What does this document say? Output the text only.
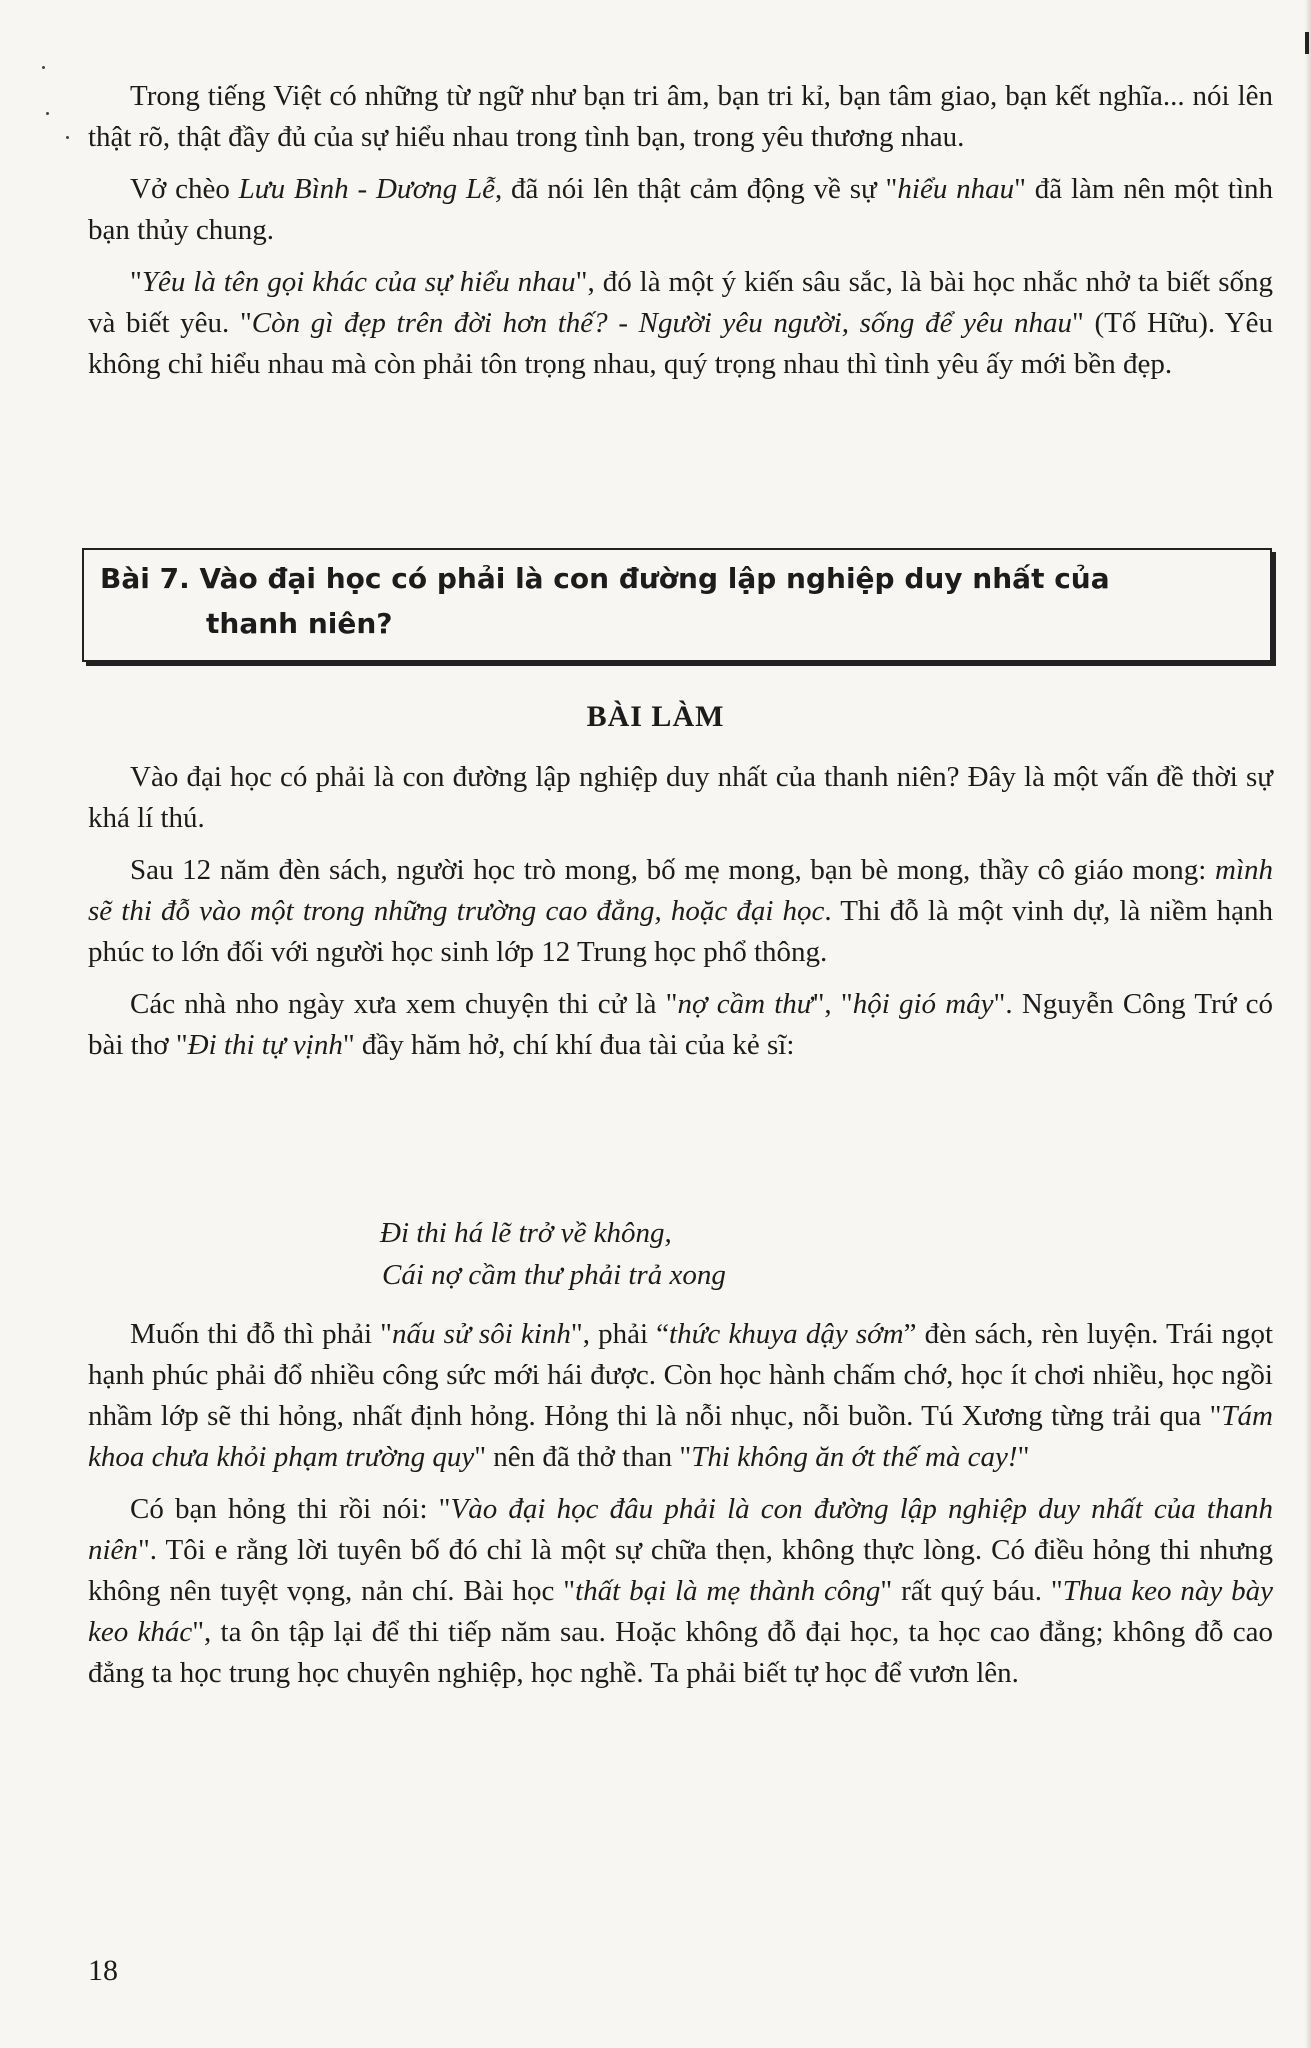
Trong tiếng Việt có những từ ngữ như bạn tri âm, bạn tri kỉ, bạn tâm giao, bạn kết nghĩa... nói lên thật rõ, thật đầy đủ của sự hiểu nhau trong tình bạn, trong yêu thương nhau.

Vở chèo Lưu Bình - Dương Lễ, đã nói lên thật cảm động về sự "hiểu nhau" đã làm nên một tình bạn thủy chung.

"Yêu là tên gọi khác của sự hiểu nhau", đó là một ý kiến sâu sắc, là bài học nhắc nhở ta biết sống và biết yêu. "Còn gì đẹp trên đời hơn thế? - Người yêu người, sống để yêu nhau" (Tố Hữu). Yêu không chỉ hiểu nhau mà còn phải tôn trọng nhau, quý trọng nhau thì tình yêu ấy mới bền đẹp.

Bài 7. Vào đại học có phải là con đường lập nghiệp duy nhất của
thanh niên?
BÀI LÀM

Vào đại học có phải là con đường lập nghiệp duy nhất của thanh niên? Đây là một vấn đề thời sự khá lí thú.

Sau 12 năm đèn sách, người học trò mong, bố mẹ mong, bạn bè mong, thầy cô giáo mong: mình sẽ thi đỗ vào một trong những trường cao đẳng, hoặc đại học. Thi đỗ là một vinh dự, là niềm hạnh phúc to lớn đối với người học sinh lớp 12 Trung học phổ thông.

Các nhà nho ngày xưa xem chuyện thi cử là "nợ cầm thư", "hội gió mây". Nguyễn Công Trứ có bài thơ "Đi thi tự vịnh" đầy hăm hở, chí khí đua tài của kẻ sĩ:

Đi thi há lẽ trở về không,
Cái nợ cầm thư phải trả xong

Muốn thi đỗ thì phải "nấu sử sôi kinh", phải “thức khuya dậy sớm” đèn sách, rèn luyện. Trái ngọt hạnh phúc phải đổ nhiều công sức mới hái được. Còn học hành chấm chớ, học ít chơi nhiều, học ngồi nhầm lớp sẽ thi hỏng, nhất định hỏng. Hỏng thi là nỗi nhục, nỗi buồn. Tú Xương từng trải qua "Tám khoa chưa khỏi phạm trường quy" nên đã thở than "Thi không ăn ớt thế mà cay!"

Có bạn hỏng thi rồi nói: "Vào đại học đâu phải là con đường lập nghiệp duy nhất của thanh niên". Tôi e rằng lời tuyên bố đó chỉ là một sự chữa thẹn, không thực lòng. Có điều hỏng thi nhưng không nên tuyệt vọng, nản chí. Bài học "thất bại là mẹ thành công" rất quý báu. "Thua keo này bày keo khác", ta ôn tập lại để thi tiếp năm sau. Hoặc không đỗ đại học, ta học cao đẳng; không đỗ cao đẳng ta học trung học chuyên nghiệp, học nghề. Ta phải biết tự học để vươn lên.

18
